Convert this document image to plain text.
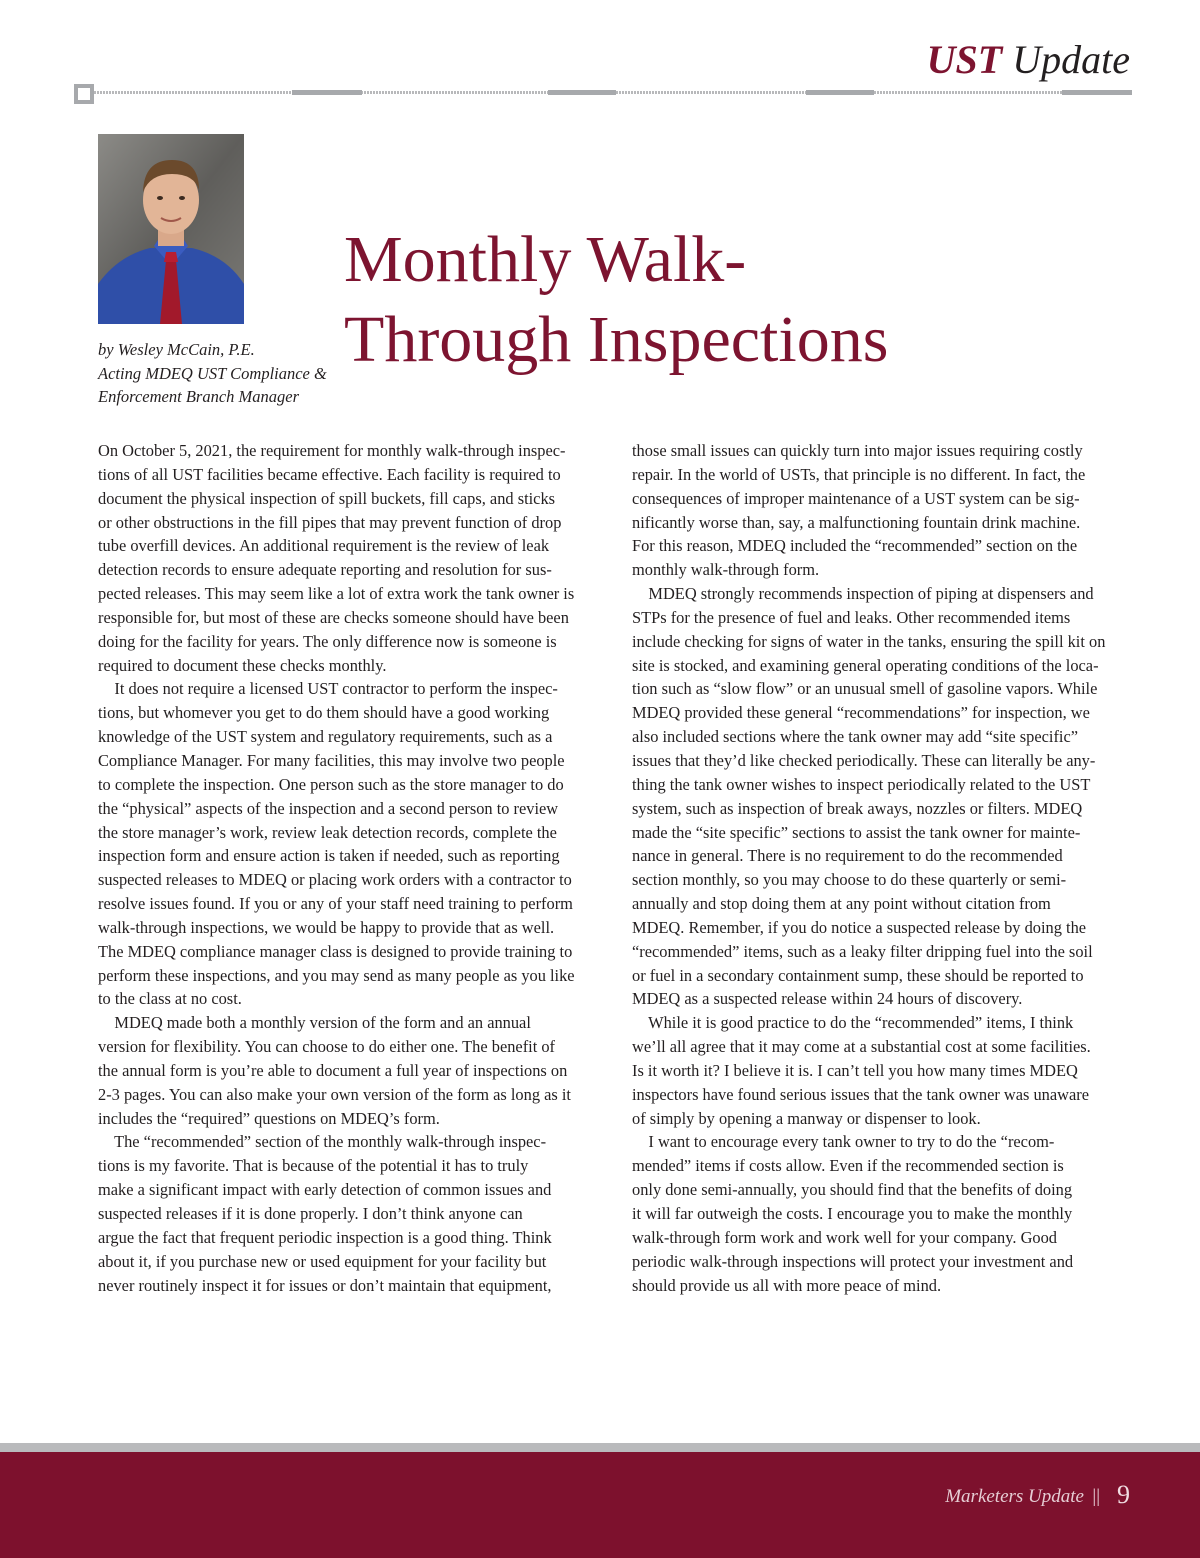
UST Update
by Wesley McCain, P.E.
Acting MDEQ UST Compliance &
Enforcement Branch Manager
Monthly Walk-
Through Inspections
On October 5, 2021, the requirement for monthly walk-through inspec-
tions of all UST facilities became effective. Each facility is required to
document the physical inspection of spill buckets, fill caps, and sticks
or other obstructions in the fill pipes that may prevent function of drop
tube overfill devices. An additional requirement is the review of leak
detection records to ensure adequate reporting and resolution for sus-
pected releases. This may seem like a lot of extra work the tank owner is
responsible for, but most of these are checks someone should have been
doing for the facility for years. The only difference now is someone is
required to document these checks monthly.
It does not require a licensed UST contractor to perform the inspec-
tions, but whomever you get to do them should have a good working
knowledge of the UST system and regulatory requirements, such as a
Compliance Manager. For many facilities, this may involve two people
to complete the inspection. One person such as the store manager to do
the “physical” aspects of the inspection and a second person to review
the store manager’s work, review leak detection records, complete the
inspection form and ensure action is taken if needed, such as reporting
suspected releases to MDEQ or placing work orders with a contractor to
resolve issues found. If you or any of your staff need training to perform
walk-through inspections, we would be happy to provide that as well.
The MDEQ compliance manager class is designed to provide training to
perform these inspections, and you may send as many people as you like
to the class at no cost.
MDEQ made both a monthly version of the form and an annual
version for flexibility. You can choose to do either one. The benefit of
the annual form is you’re able to document a full year of inspections on
2-3 pages. You can also make your own version of the form as long as it
includes the “required” questions on MDEQ’s form.
The “recommended” section of the monthly walk-through inspec-
tions is my favorite. That is because of the potential it has to truly
make a significant impact with early detection of common issues and
suspected releases if it is done properly. I don’t think anyone can
argue the fact that frequent periodic inspection is a good thing. Think
about it, if you purchase new or used equipment for your facility but
never routinely inspect it for issues or don’t maintain that equipment,
those small issues can quickly turn into major issues requiring costly
repair. In the world of USTs, that principle is no different. In fact, the
consequences of improper maintenance of a UST system can be sig-
nificantly worse than, say, a malfunctioning fountain drink machine.
For this reason, MDEQ included the “recommended” section on the
monthly walk-through form.
MDEQ strongly recommends inspection of piping at dispensers and
STPs for the presence of fuel and leaks. Other recommended items
include checking for signs of water in the tanks, ensuring the spill kit on
site is stocked, and examining general operating conditions of the loca-
tion such as “slow flow” or an unusual smell of gasoline vapors. While
MDEQ provided these general “recommendations” for inspection, we
also included sections where the tank owner may add “site specific”
issues that they’d like checked periodically. These can literally be any-
thing the tank owner wishes to inspect periodically related to the UST
system, such as inspection of break aways, nozzles or filters. MDEQ
made the “site specific” sections to assist the tank owner for mainte-
nance in general. There is no requirement to do the recommended
section monthly, so you may choose to do these quarterly or semi-
annually and stop doing them at any point without citation from
MDEQ. Remember, if you do notice a suspected release by doing the
“recommended” items, such as a leaky filter dripping fuel into the soil
or fuel in a secondary containment sump, these should be reported to
MDEQ as a suspected release within 24 hours of discovery.
While it is good practice to do the “recommended” items, I think
we’ll all agree that it may come at a substantial cost at some facilities.
Is it worth it? I believe it is. I can’t tell you how many times MDEQ
inspectors have found serious issues that the tank owner was unaware
of simply by opening a manway or dispenser to look.
I want to encourage every tank owner to try to do the “recom-
mended” items if costs allow. Even if the recommended section is
only done semi-annually, you should find that the benefits of doing
it will far outweigh the costs. I encourage you to make the monthly
walk-through form work and work well for your company. Good
periodic walk-through inspections will protect your investment and
should provide us all with more peace of mind.
Marketers Update || 9
